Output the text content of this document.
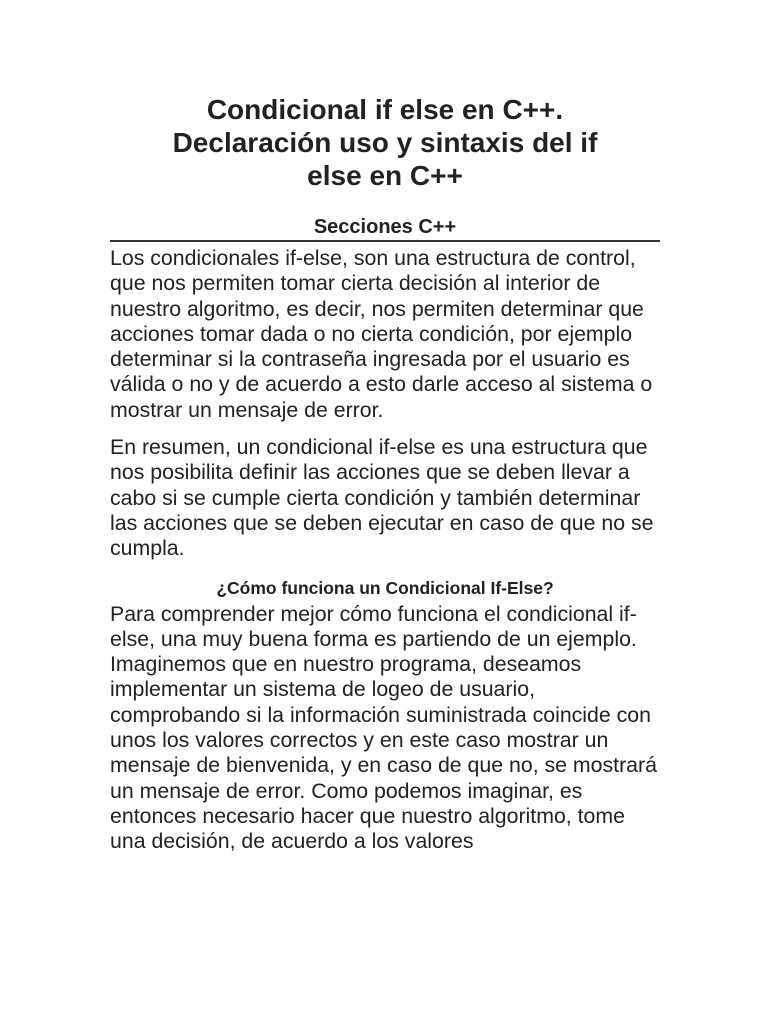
Condicional if else en C++. Declaración uso y sintaxis del if else en C++
Secciones C++

Los condicionales if-else, son una estructura de control, que nos permiten tomar cierta decisión al interior de nuestro algoritmo, es decir, nos permiten determinar que acciones tomar dada o no cierta condición, por ejemplo determinar si la contraseña ingresada por el usuario es válida o no y de acuerdo a esto darle acceso al sistema o mostrar un mensaje de error.

En resumen, un condicional if-else es una estructura que nos posibilita definir las acciones que se deben llevar a cabo si se cumple cierta condición y también determinar las acciones que se deben ejecutar en caso de que no se cumpla.

¿Cómo funciona un Condicional If-Else?

Para comprender mejor cómo funciona el condicional if-else, una muy buena forma es partiendo de un ejemplo. Imaginemos que en nuestro programa, deseamos implementar un sistema de logeo de usuario, comprobando si la información suministrada coincide con unos los valores correctos y en este caso mostrar un mensaje de bienvenida, y en caso de que no, se mostrará un mensaje de error. Como podemos imaginar, es entonces necesario hacer que nuestro algoritmo, tome una decisión, de acuerdo a los valores
